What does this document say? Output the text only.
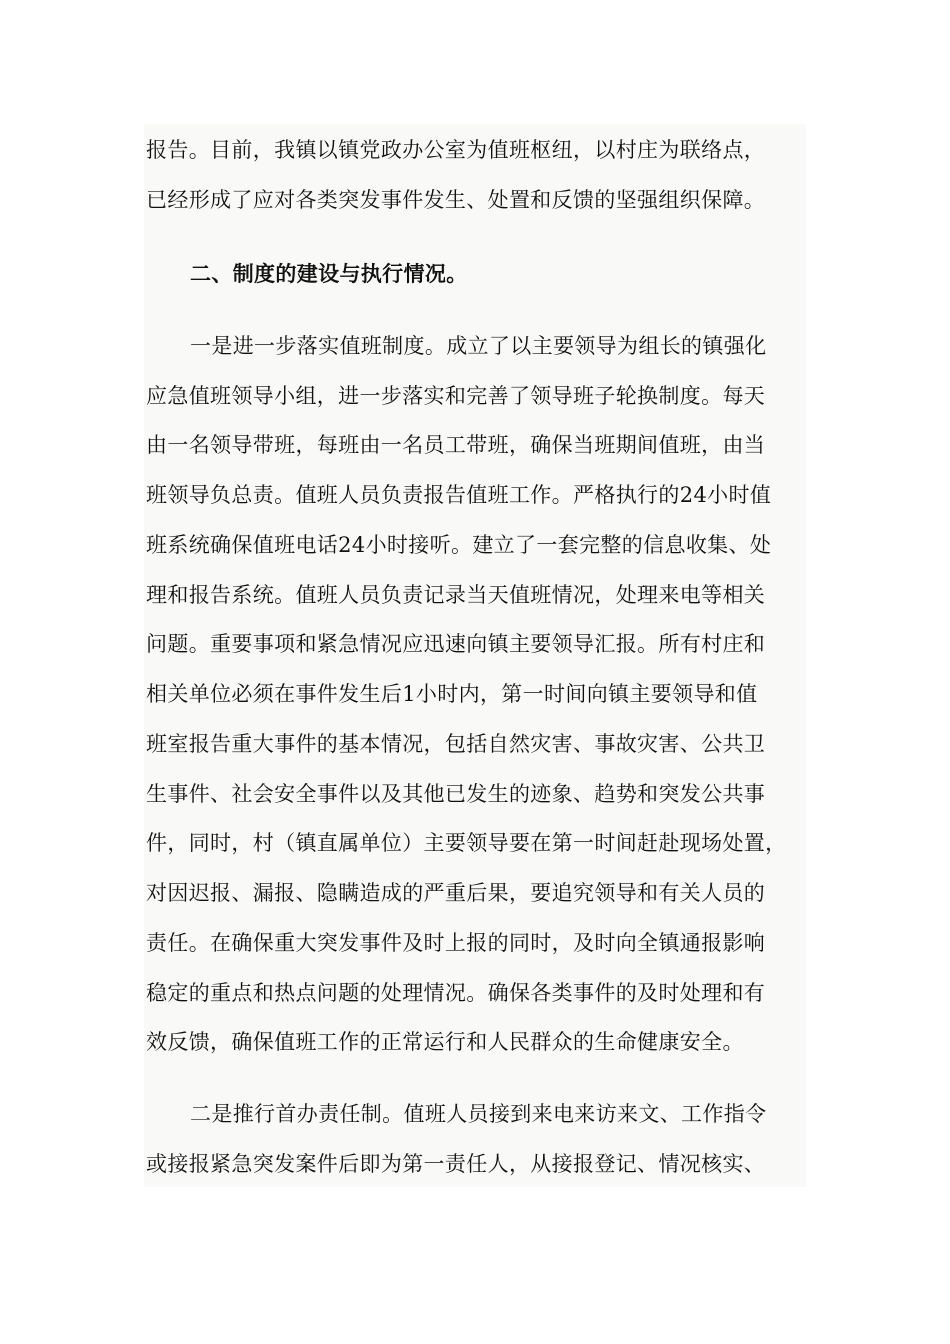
报告。目前，我镇以镇党政办公室为值班枢纽，以村庄为联络点，
已经形成了应对各类突发事件发生、处置和反馈的坚强组织保障。
二、制度的建设与执行情况。
一是进一步落实值班制度。成立了以主要领导为组长的镇强化
应急值班领导小组，进一步落实和完善了领导班子轮换制度。每天
由一名领导带班，每班由一名员工带班，确保当班期间值班，由当
班领导负总责。值班人员负责报告值班工作。严格执行的24小时值
班系统确保值班电话24小时接听。建立了一套完整的信息收集、处
理和报告系统。值班人员负责记录当天值班情况，处理来电等相关
问题。重要事项和紧急情况应迅速向镇主要领导汇报。所有村庄和
相关单位必须在事件发生后1小时内，第一时间向镇主要领导和值
班室报告重大事件的基本情况，包括自然灾害、事故灾害、公共卫
生事件、社会安全事件以及其他已发生的迹象、趋势和突发公共事
件，同时，村（镇直属单位）主要领导要在第一时间赶赴现场处置，
对因迟报、漏报、隐瞒造成的严重后果，要追究领导和有关人员的
责任。在确保重大突发事件及时上报的同时，及时向全镇通报影响
稳定的重点和热点问题的处理情况。确保各类事件的及时处理和有
效反馈，确保值班工作的正常运行和人民群众的生命健康安全。
二是推行首办责任制。值班人员接到来电来访来文、工作指令
或接报紧急突发案件后即为第一责任人，从接报登记、情况核实、
